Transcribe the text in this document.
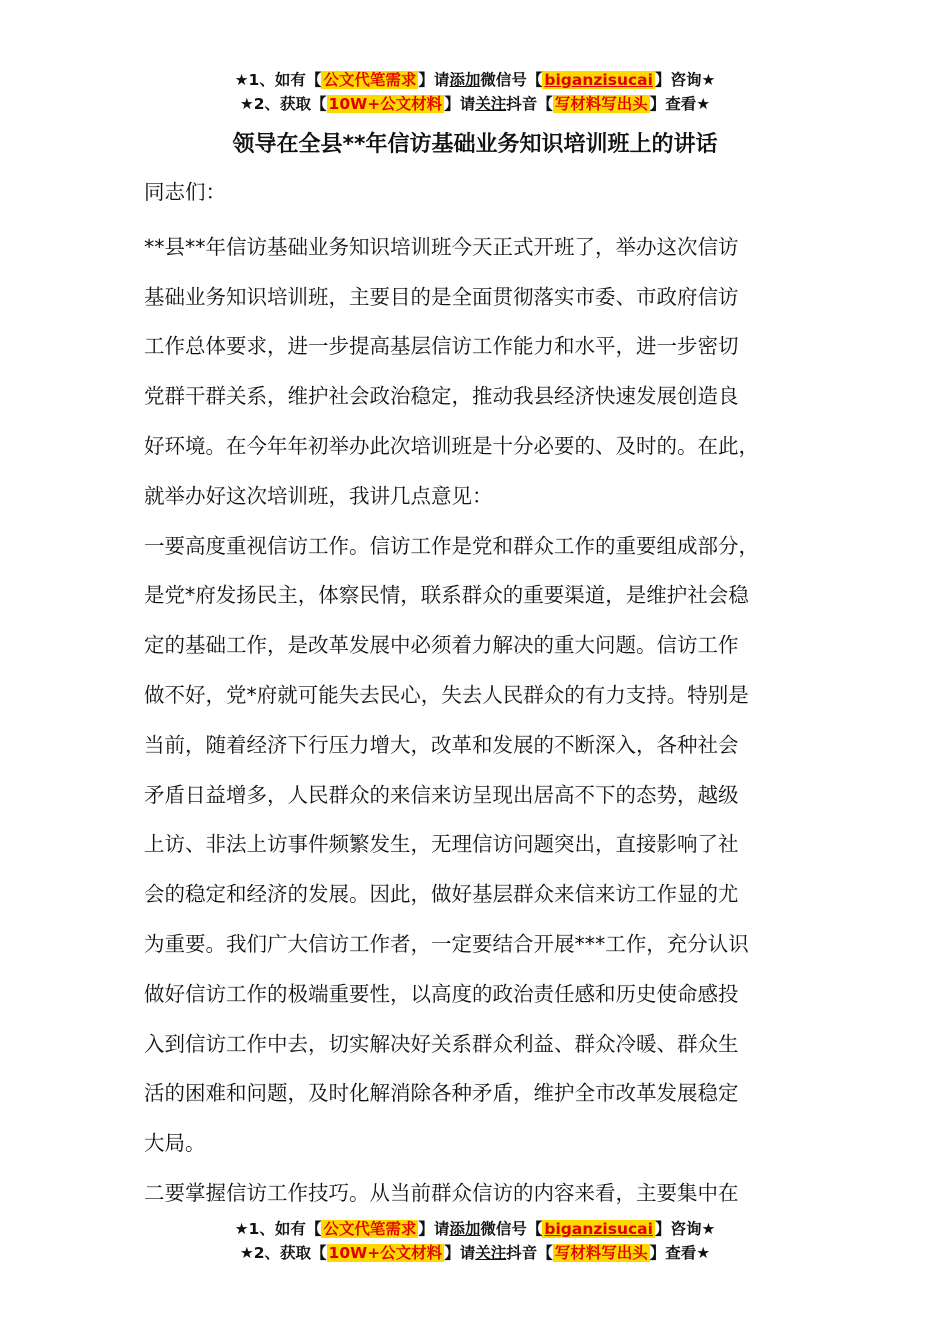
★1、如有【 公文代笔需求 】请添加微信号【 biganzisucai 】咨询★
★2、获取【 10W+公文材料 】请关注抖音【 写材料写出头 】查看★
领导在全县**年信访基础业务知识培训班上的讲话
同志们：
**县**年信访基础业务知识培训班今天正式开班了，举办这次信访
基础业务知识培训班，主要目的是全面贯彻落实市委、市政府信访
工作总体要求，进一步提高基层信访工作能力和水平，进一步密切
党群干群关系，维护社会政治稳定，推动我县经济快速发展创造良
好环境。在今年年初举办此次培训班是十分必要的、及时的。在此，
就举办好这次培训班，我讲几点意见：
一要高度重视信访工作。信访工作是党和群众工作的重要组成部分，
是党*府发扬民主，体察民情，联系群众的重要渠道，是维护社会稳
定的基础工作，是改革发展中必须着力解决的重大问题。信访工作
做不好，党*府就可能失去民心，失去人民群众的有力支持。特别是
当前，随着经济下行压力增大，改革和发展的不断深入，各种社会
矛盾日益增多，人民群众的来信来访呈现出居高不下的态势，越级
上访、非法上访事件频繁发生，无理信访问题突出，直接影响了社
会的稳定和经济的发展。因此，做好基层群众来信来访工作显的尤
为重要。我们广大信访工作者，一定要结合开展***工作，充分认识
做好信访工作的极端重要性，以高度的政治责任感和历史使命感投
入到信访工作中去，切实解决好关系群众利益、群众冷暖、群众生
活的困难和问题，及时化解消除各种矛盾，维护全市改革发展稳定
大局。
二要掌握信访工作技巧。从当前群众信访的内容来看，主要集中在
★1、如有【 公文代笔需求 】请添加微信号【 biganzisucai 】咨询★
★2、获取【 10W+公文材料 】请关注抖音【 写材料写出头 】查看★
